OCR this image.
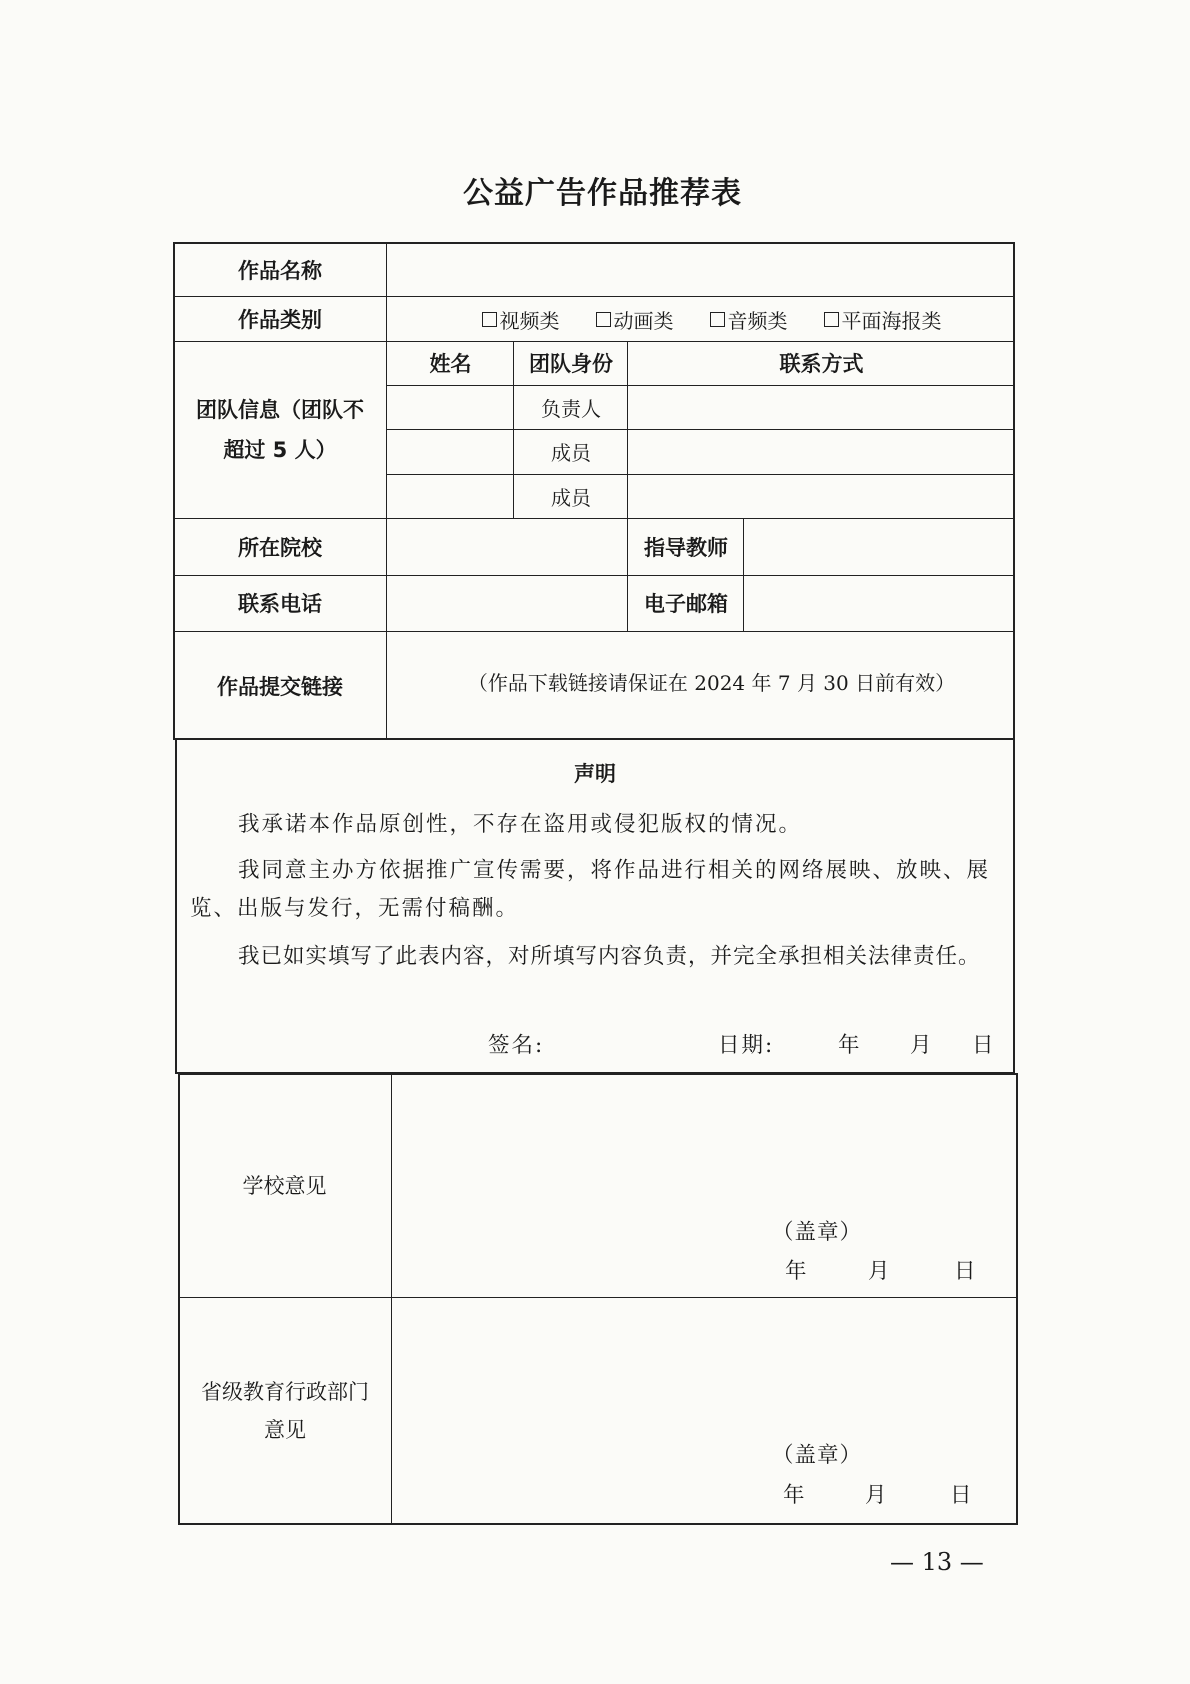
公益广告作品推荐表
作品名称
作品类别	视频类	动画类	音频类	平面海报类
团队信息（团队不超过 5 人）
姓名	团队身份	联系方式
负责人
成员
成员
所在院校	指导教师
联系电话	电子邮箱
作品提交链接	（作品下载链接请保证在 2024 年 7 月 30 日前有效）
声明
我承诺本作品原创性，不存在盗用或侵犯版权的情况。
我同意主办方依据推广宣传需要，将作品进行相关的网络展映、放映、展
览、出版与发行，无需付稿酬。
我已如实填写了此表内容，对所填写内容负责，并完全承担相关法律责任。
签名:	日期:	年 月 日
学校意见
（盖章）
年	月	日
省级教育行政部门意见
（盖章）
年	月	日
— 13 —
